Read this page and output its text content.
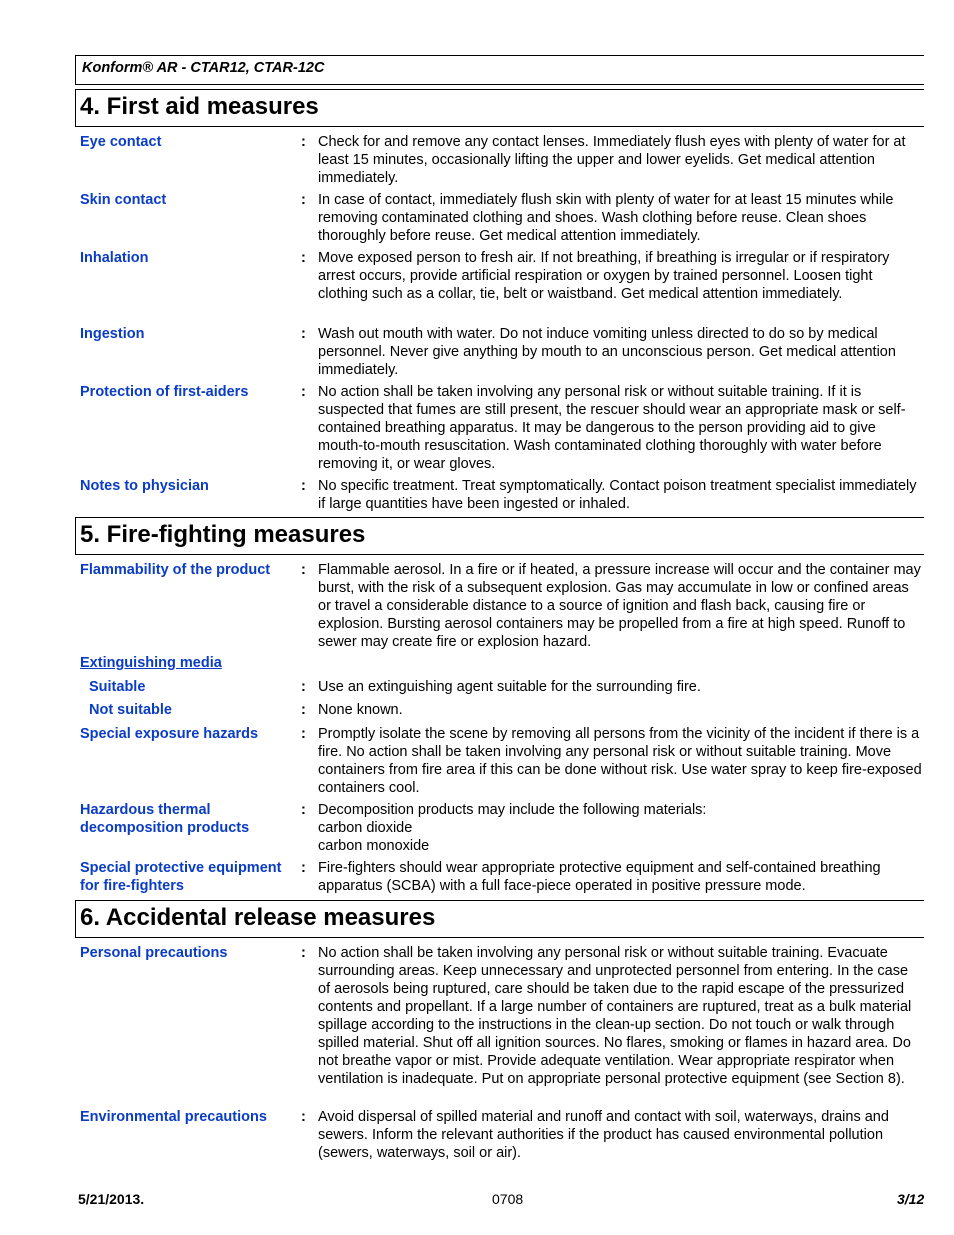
Konform® AR - CTAR12, CTAR-12C
4. First aid measures
Eye contact	: Check for and remove any contact lenses. Immediately flush eyes with plenty of water for at least 15 minutes, occasionally lifting the upper and lower eyelids. Get medical attention immediately.
Skin contact	: In case of contact, immediately flush skin with plenty of water for at least 15 minutes while removing contaminated clothing and shoes. Wash clothing before reuse. Clean shoes thoroughly before reuse. Get medical attention immediately.
Inhalation	: Move exposed person to fresh air. If not breathing, if breathing is irregular or if respiratory arrest occurs, provide artificial respiration or oxygen by trained personnel. Loosen tight clothing such as a collar, tie, belt or waistband. Get medical attention immediately.
Ingestion	: Wash out mouth with water. Do not induce vomiting unless directed to do so by medical personnel. Never give anything by mouth to an unconscious person. Get medical attention immediately.
Protection of first-aiders	: No action shall be taken involving any personal risk or without suitable training. If it is suspected that fumes are still present, the rescuer should wear an appropriate mask or self-contained breathing apparatus. It may be dangerous to the person providing aid to give mouth-to-mouth resuscitation. Wash contaminated clothing thoroughly with water before removing it, or wear gloves.
Notes to physician	: No specific treatment. Treat symptomatically. Contact poison treatment specialist immediately if large quantities have been ingested or inhaled.
5. Fire-fighting measures
Flammability of the product	: Flammable aerosol. In a fire or if heated, a pressure increase will occur and the container may burst, with the risk of a subsequent explosion. Gas may accumulate in low or confined areas or travel a considerable distance to a source of ignition and flash back, causing fire or explosion. Bursting aerosol containers may be propelled from a fire at high speed. Runoff to sewer may create fire or explosion hazard.
Extinguishing media
Suitable	: Use an extinguishing agent suitable for the surrounding fire.
Not suitable	: None known.
Special exposure hazards	: Promptly isolate the scene by removing all persons from the vicinity of the incident if there is a fire. No action shall be taken involving any personal risk or without suitable training. Move containers from fire area if this can be done without risk. Use water spray to keep fire-exposed containers cool.
Hazardous thermal decomposition products
: Decomposition products may include the following materials:
carbon dioxide
carbon monoxide
Special protective equipment for fire-fighters
: Fire-fighters should wear appropriate protective equipment and self-contained breathing apparatus (SCBA) with a full face-piece operated in positive pressure mode.
6. Accidental release measures
Personal precautions	: No action shall be taken involving any personal risk or without suitable training. Evacuate surrounding areas. Keep unnecessary and unprotected personnel from entering. In the case of aerosols being ruptured, care should be taken due to the rapid escape of the pressurized contents and propellant. If a large number of containers are ruptured, treat as a bulk material spillage according to the instructions in the clean-up section. Do not touch or walk through spilled material. Shut off all ignition sources. No flares, smoking or flames in hazard area. Do not breathe vapor or mist. Provide adequate ventilation. Wear appropriate respirator when ventilation is inadequate. Put on appropriate personal protective equipment (see Section 8).
Environmental precautions	: Avoid dispersal of spilled material and runoff and contact with soil, waterways, drains and sewers. Inform the relevant authorities if the product has caused environmental pollution (sewers, waterways, soil or air).
5/21/2013.	0708	3/12
